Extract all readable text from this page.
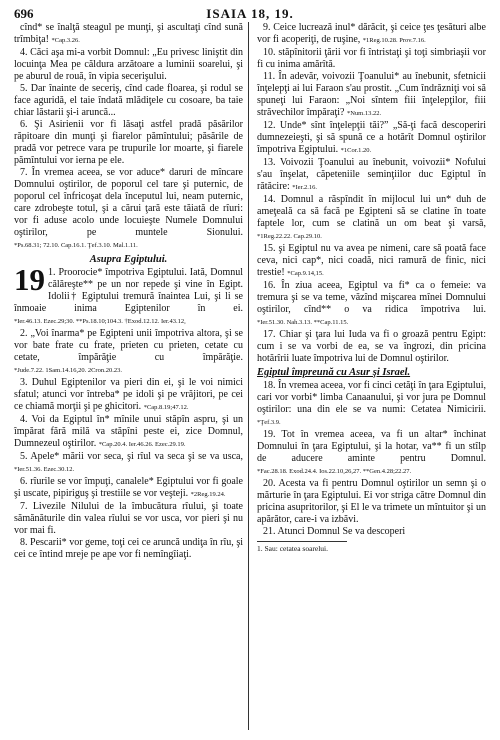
696	ISAIA 18, 19.

cînd* se înalţă steagul pe munţi, şi ascultaţi cînd sună trîmbiţa! *Cap.3.26.

4. Căci aşa mi-a vorbit Domnul: „Eu privesc liniştit din locuinţa Mea pe căldura arzătoare a luminii soarelui, şi pe aburul de rouă, în vipia secerişului.

5. Dar înainte de seceriş, cînd cade floarea, şi rodul se face aguridă, el taie îndată mlădiţele cu cosoare, ba taie chiar lăstarii şi-i aruncă...

6. Şi Asirienii vor fi lăsaţi astfel pradă păsărilor răpitoare din munţi şi fiarelor pămîntului; păsările de pradă vor petrece vara pe trupurile lor moarte, şi fiarele pămîntului vor ierna pe ele.

7. În vremea aceea, se vor aduce* daruri de mîncare Domnului oştirilor, de poporul cel tare şi puternic, de poporul cel înfricoşat dela începutul lui, neam puternic, care zdrobeşte totul, şi a cărui ţară este tăiată de rîuri: vor fi aduse acolo unde locuieşte Numele Domnului oştirilor, pe muntele Sionului. *Ps.68.31; 72.10. Cap.16.1. Ţef.3.10. Mal.1.11.

Asupra Egiptului.

19 1. Proorocie* împotriva Egiptului. Iată, Domnul călăreşte** pe un nor repede şi vine în Egipt. Idolii† Egiptului tremură înaintea Lui, şi li se înmoaie inima Egiptenilor în ei. *Ier.46.13. Ezec.29;30. **Ps.18.10;104.3. †Exod.12.12. Ier.43.12,

2. „Voi înarma* pe Egipteni unii împotriva altora, şi se vor bate frate cu frate, prieten cu prieten, cetate cu cetate, împărăţie cu împărăţie. *Jude.7.22. 1Sam.14.16,20. 2Cron.20.23.

3. Duhul Egiptenilor va pieri din ei, şi le voi nimici sfatul; atunci vor întreba* pe idoli şi pe vrăjitori, pe cei ce chiamă morţii şi pe ghicitori. *Cap.8.19;47.12.

4. Voi da Egiptul în* mînile unui stăpîn aspru, şi un împărat fără milă va stăpîni peste ei, zice Domnul, Dumnezeul oştirilor. *Cap.20.4. Ier.46.26. Ezec.29.19.

5. Apele* mării vor seca, şi rîul va seca şi se va usca, *Ier.51.36. Ezec.30.12.

6. rîurile se vor împuţi, canalele* Egiptului vor fi goale şi uscate, pipiriguş şi trestiile se vor veşteji. *2Reg.19.24.

7. Livezile Nilului de la îmbucătura rîului, şi toate sămănăturile din valea rîului se vor usca, vor pieri şi nu vor mai fi.

8. Pescarii* vor geme, toţi cei ce aruncă undiţa în rîu, şi cei ce întind mreje pe ape vor fi nemîngîiaţi.

9. Ceice lucrează inul* dărăcit, şi ceice ţes ţesături albe vor fi acoperiţi, de ruşine, *1Reg.10.28. Prov.7.16.

10. stăpînitorii ţării vor fi întristaţi şi toţi simbriaşii vor fi cu inima amărîtă.

11. În adevăr, voivozii Ţoanului* au înebunit, sfetnicii înţelepţi ai lui Faraon s'au prostit. „Cum îndrăzniţi voi să spuneţi lui Faraon: „Noi sîntem fiii înţelepţilor, fiii străvechilor împăraţi? *Num.13.22.

12. Unde* sînt înţelepţii tăi?” „Să-ţi facă descoperiri dumnezeieşti, şi să spună ce a hotărît Domnul oştirilor împotriva Egiptului. *1Cor.1.20.

13. Voivozii Ţoanului au înebunit, voivozii* Nofului s'au înşelat, căpeteniile seminţiilor duc Egiptul în rătăcire: *Ier.2.16.

14. Domnul a răspîndit în mijlocul lui un* duh de ameţeală ca să facă pe Egipteni să se clatine în toate faptele lor, cum se clatină un om beat şi varsă, *1Reg.22.22. Cap.29.10.

15. şi Egiptul nu va avea pe nimeni, care să poată face ceva, nici cap*, nici coadă, nici ramură de finic, nici trestie! *Cap.9.14,15.

16. În ziua aceea, Egiptul va fi* ca o femeie: va tremura şi se va teme, văzînd mişcarea mînei Domnului oştirilor, cînd** o va ridica împotriva lui. *Ier.51.30. Nah.3.13. **Cap.11.15.

17. Chiar şi ţara lui Iuda va fi o groază pentru Egipt: cum i se va vorbi de ea, se va îngrozi, din pricina hotărîrii luate împotriva lui de Domnul oştirilor.

Egiptul împreună cu Asur şi Israel.

18. În vremea aceea, vor fi cinci cetăţi în ţara Egiptului, cari vor vorbi* limba Canaanului, şi vor jura pe Domnul oştirilor: una din ele se va numi: Cetatea Nimicirii. *Ţef.3.9.

19. Tot în vremea aceea, va fi un altar* închinat Domnului în ţara Egiptului, şi la hotar, va** fi un stîlp de aducere aminte pentru Domnul. *Fac.28.18. Exod.24.4. Ios.22.10,26,27. **Gen.4.28;22.27.

20. Acesta va fi pentru Domnul oştirilor un semn şi o mărturie în ţara Egiptului. Ei vor striga către Domnul din pricina asupritorilor, şi El le va trimete un mîntuitor şi un apărător, care-i va izbăvi.

21. Atunci Domnul Se va descoperi

1. Sau: cetatea soarelui.
